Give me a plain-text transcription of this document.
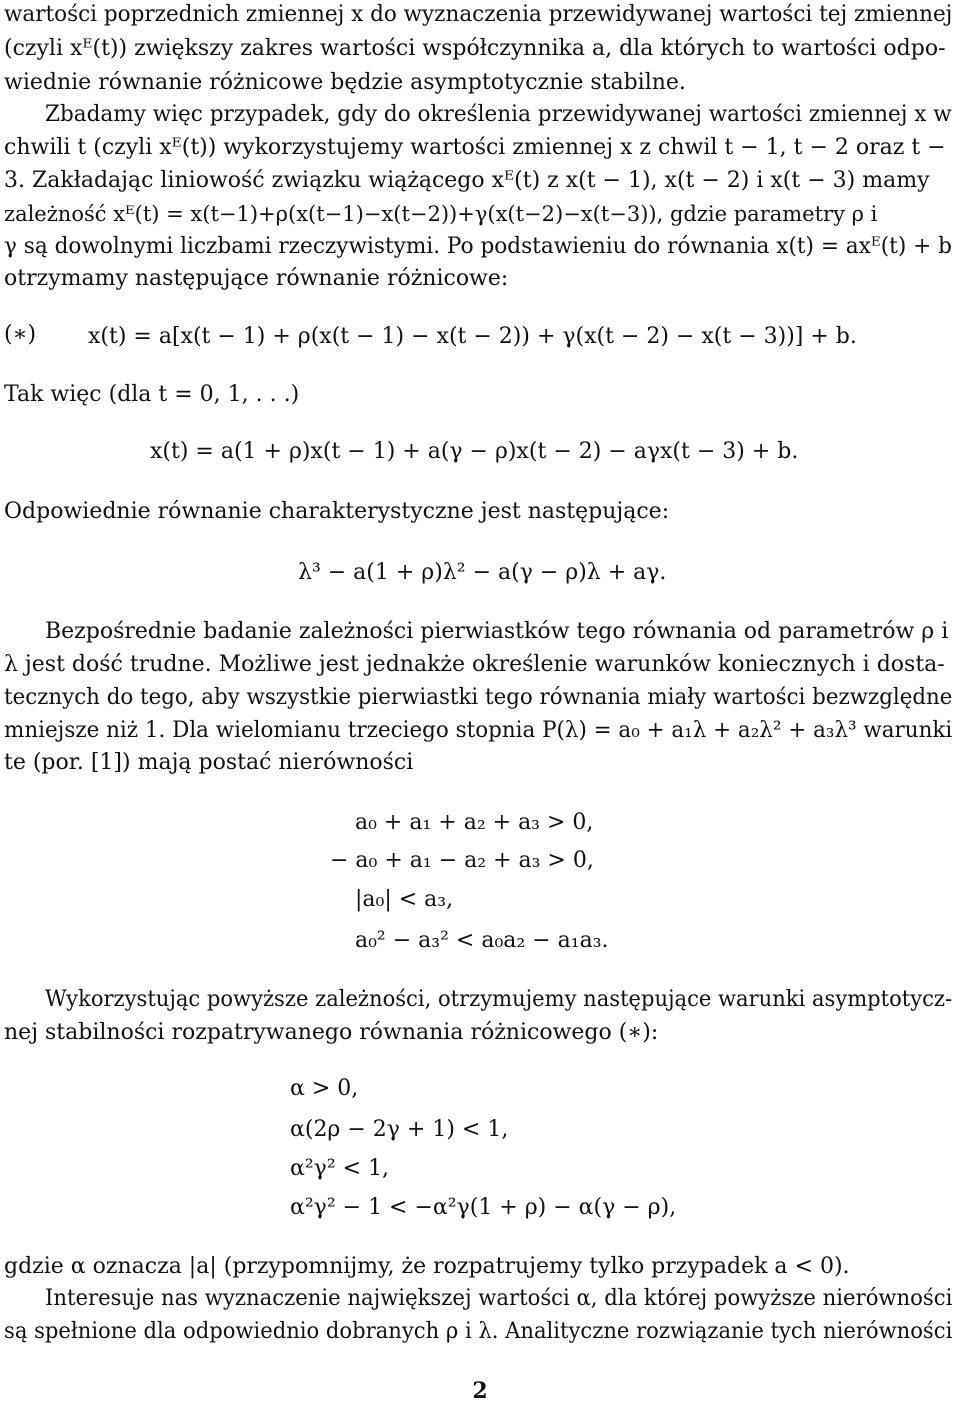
wartości poprzednich zmiennej x do wyznaczenia przewidywanej wartości tej zmiennej
(czyli xᴱ(t)) zwiększy zakres wartości współczynnika a, dla których to wartości odpo-
wiednie równanie różnicowe będzie asymptotycznie stabilne.
Zbadamy więc przypadek, gdy do określenia przewidywanej wartości zmiennej x w
chwili t (czyli xᴱ(t)) wykorzystujemy wartości zmiennej x z chwil t − 1, t − 2 oraz t −
3. Zakładając liniowość związku wiążącego xᴱ(t) z x(t − 1), x(t − 2) i x(t − 3) mamy
zależność xᴱ(t) = x(t−1)+ρ(x(t−1)−x(t−2))+γ(x(t−2)−x(t−3)), gdzie parametry ρ i
γ są dowolnymi liczbami rzeczywistymi. Po podstawieniu do równania x(t) = axᴱ(t) + b
otrzymamy następujące równanie różnicowe:
(∗) x(t) = a[x(t − 1) + ρ(x(t − 1) − x(t − 2)) + γ(x(t − 2) − x(t − 3))] + b.
Tak więc (dla t = 0, 1, . . .)
x(t) = a(1 + ρ)x(t − 1) + a(γ − ρ)x(t − 2) − aγx(t − 3) + b.
Odpowiednie równanie charakterystyczne jest następujące:
λ³ − a(1 + ρ)λ² − a(γ − ρ)λ + aγ.
Bezpośrednie badanie zależności pierwiastków tego równania od parametrów ρ i
λ jest dość trudne. Możliwe jest jednakże określenie warunków koniecznych i dosta-
tecznych do tego, aby wszystkie pierwiastki tego równania miały wartości bezwzględne
mniejsze niż 1. Dla wielomianu trzeciego stopnia P(λ) = a₀ + a₁λ + a₂λ² + a₃λ³ warunki
te (por. [1]) mają postać nierówności
a₀ + a₁ + a₂ + a₃ > 0,
− a₀ + a₁ − a₂ + a₃ > 0,
|a₀| < a₃,
a₀² − a₃² < a₀a₂ − a₁a₃.
Wykorzystując powyższe zależności, otrzymujemy następujące warunki asymptotycz-
nej stabilności rozpatrywanego równania różnicowego (∗):
α > 0,
α(2ρ − 2γ + 1) < 1,
α²γ² < 1,
α²γ² − 1 < −α²γ(1 + ρ) − α(γ − ρ),
gdzie α oznacza |a| (przypomnijmy, że rozpatrujemy tylko przypadek a < 0).
Interesuje nas wyznaczenie największej wartości α, dla której powyższe nierówności
są spełnione dla odpowiednio dobranych ρ i λ. Analityczne rozwiązanie tych nierówności
2
